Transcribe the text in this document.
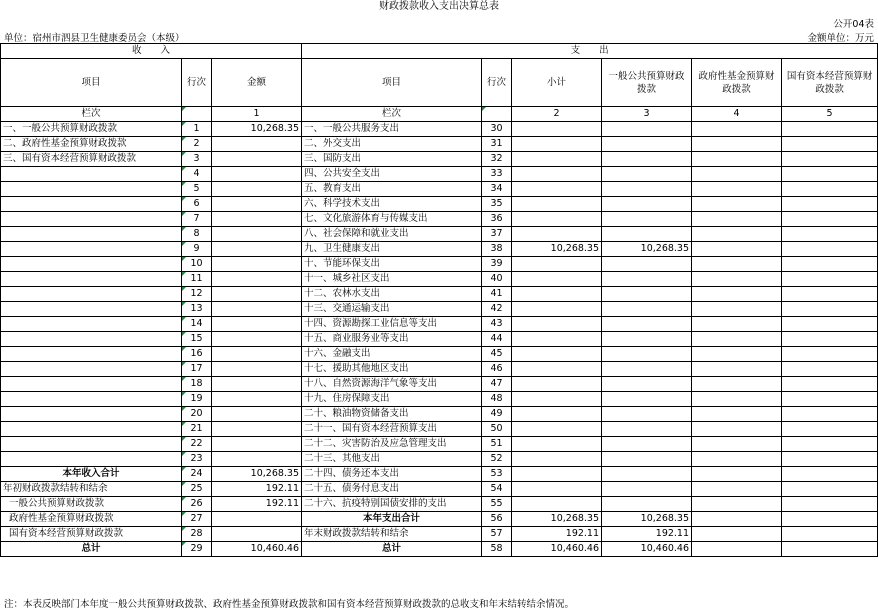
财政拨款收入支出决算总表
公开04表
单位：宿州市泗县卫生健康委员会（本级）	金额单位：万元
收　　入			支　　出					
项目	行次	金额	项目	行次	小计	一般公共预算财政拨款	政府性基金预算财政拨款	国有资本经营预算财政拨款
栏次		1	栏次		2	3	4	5
一、一般公共预算财政拨款	1	10,268.35	一、一般公共服务支出	30				
二、政府性基金预算财政拨款	2		二、外交支出	31				
三、国有资本经营预算财政拨款	3		三、国防支出	32				
	4		四、公共安全支出	33				
	5		五、教育支出	34				
	6		六、科学技术支出	35				
	7		七、文化旅游体育与传媒支出	36				
	8		八、社会保障和就业支出	37				
	9		九、卫生健康支出	38	10,268.35	10,268.35		
	10		十、节能环保支出	39				
	11		十一、城乡社区支出	40				
	12		十二、农林水支出	41				
	13		十三、交通运输支出	42				
	14		十四、资源勘探工业信息等支出	43				
	15		十五、商业服务业等支出	44				
	16		十六、金融支出	45				
	17		十七、援助其他地区支出	46				
	18		十八、自然资源海洋气象等支出	47				
	19		十九、住房保障支出	48				
	20		二十、粮油物资储备支出	49				
	21		二十一、国有资本经营预算支出	50				
	22		二十二、灾害防治及应急管理支出	51				
	23		二十三、其他支出	52				
本年收入合计	24	10,268.35	二十四、债务还本支出	53				
年初财政拨款结转和结余	25	192.11	二十五、债务付息支出	54				
一般公共预算财政拨款	26	192.11	二十六、抗疫特别国债安排的支出	55				
政府性基金预算财政拨款	27		本年支出合计	56	10,268.35	10,268.35		
国有资本经营预算财政拨款	28		年末财政拨款结转和结余	57	192.11	192.11		
总计	29	10,460.46	总计	58	10,460.46	10,460.46		
注：本表反映部门本年度一般公共预算财政拨款、政府性基金预算财政拨款和国有资本经营预算财政拨款的总收支和年末结转结余情况。
